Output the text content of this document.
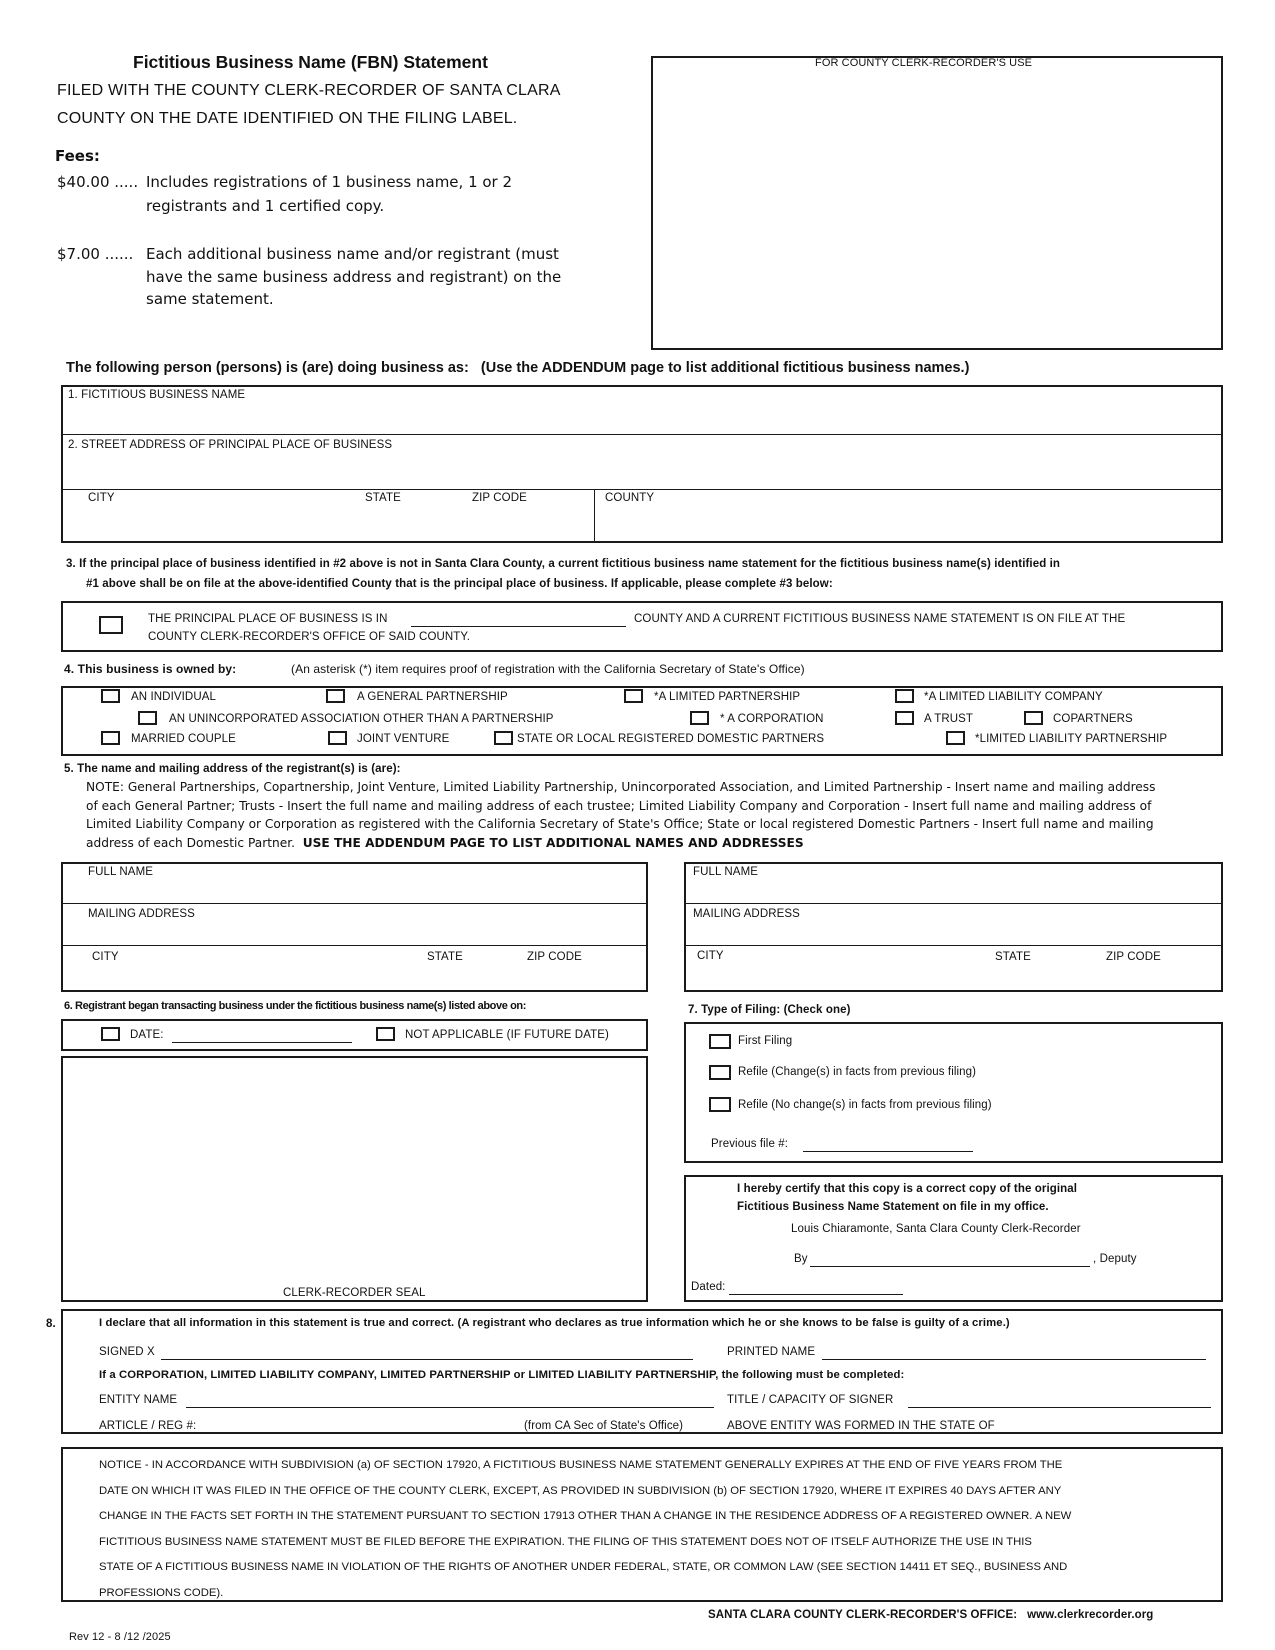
Fictitious Business Name (FBN) Statement
FILED WITH THE COUNTY CLERK-RECORDER OF SANTA CLARA
COUNTY ON THE DATE IDENTIFIED ON THE FILING LABEL.
Fees:
$40.00 ..... Includes registrations of 1 business name, 1 or 2
registrants and 1 certified copy.
$7.00 ...... Each additional business name and/or registrant (must
have the same business address and registrant) on the
same statement.
FOR COUNTY CLERK-RECORDER'S USE
The following person (persons) is (are) doing business as: (Use the ADDENDUM page to list additional fictitious business names.)
1. FICTITIOUS BUSINESS NAME
2. STREET ADDRESS OF PRINCIPAL PLACE OF BUSINESS
CITY	STATE	ZIP CODE	COUNTY
3. If the principal place of business identified in #2 above is not in Santa Clara County, a current fictitious business name statement for the fictitious business name(s) identified in
#1 above shall be on file at the above-identified County that is the principal place of business. If applicable, please complete #3 below:
THE PRINCIPAL PLACE OF BUSINESS IS IN	COUNTY AND A CURRENT FICTITIOUS BUSINESS NAME STATEMENT IS ON FILE AT THE
COUNTY CLERK-RECORDER'S OFFICE OF SAID COUNTY.
4. This business is owned by:	(An asterisk (*) item requires proof of registration with the California Secretary of State's Office)
AN INDIVIDUAL	A GENERAL PARTNERSHIP	*A LIMITED PARTNERSHIP	*A LIMITED LIABILITY COMPANY
AN UNINCORPORATED ASSOCIATION OTHER THAN A PARTNERSHIP	* A CORPORATION	A TRUST	COPARTNERS
MARRIED COUPLE	JOINT VENTURE	STATE OR LOCAL REGISTERED DOMESTIC PARTNERS	*LIMITED LIABILITY PARTNERSHIP
5. The name and mailing address of the registrant(s) is (are):
NOTE: General Partnerships, Copartnership, Joint Venture, Limited Liability Partnership, Unincorporated Association, and Limited Partnership - Insert name and mailing address
of each General Partner; Trusts - Insert the full name and mailing address of each trustee; Limited Liability Company and Corporation - Insert full name and mailing address of
Limited Liability Company or Corporation as registered with the California Secretary of State's Office; State or local registered Domestic Partners - Insert full name and mailing
address of each Domestic Partner. USE THE ADDENDUM PAGE TO LIST ADDITIONAL NAMES AND ADDRESSES
FULL NAME
MAILING ADDRESS
CITY	STATE	ZIP CODE
FULL NAME
MAILING ADDRESS
CITY	STATE	ZIP CODE
6. Registrant began transacting business under the fictitious business name(s) listed above on:
DATE:	NOT APPLICABLE (IF FUTURE DATE)
CLERK-RECORDER SEAL
7. Type of Filing: (Check one)
First Filing
Refile (Change(s) in facts from previous filing)
Refile (No change(s) in facts from previous filing)
Previous file #:
I hereby certify that this copy is a correct copy of the original
Fictitious Business Name Statement on file in my office.
Louis Chiaramonte, Santa Clara County Clerk-Recorder
By	, Deputy
Dated:
8.	I declare that all information in this statement is true and correct. (A registrant who declares as true information which he or she knows to be false is guilty of a crime.)
SIGNED X	PRINTED NAME
If a CORPORATION, LIMITED LIABILITY COMPANY, LIMITED PARTNERSHIP or LIMITED LIABILITY PARTNERSHIP, the following must be completed:
ENTITY NAME	TITLE / CAPACITY OF SIGNER
ARTICLE / REG #:	(from CA Sec of State's Office)	ABOVE ENTITY WAS FORMED IN THE STATE OF
NOTICE - IN ACCORDANCE WITH SUBDIVISION (a) OF SECTION 17920, A FICTITIOUS BUSINESS NAME STATEMENT GENERALLY EXPIRES AT THE END OF FIVE YEARS FROM THE
DATE ON WHICH IT WAS FILED IN THE OFFICE OF THE COUNTY CLERK, EXCEPT, AS PROVIDED IN SUBDIVISION (b) OF SECTION 17920, WHERE IT EXPIRES 40 DAYS AFTER ANY
CHANGE IN THE FACTS SET FORTH IN THE STATEMENT PURSUANT TO SECTION 17913 OTHER THAN A CHANGE IN THE RESIDENCE ADDRESS OF A REGISTERED OWNER. A NEW
FICTITIOUS BUSINESS NAME STATEMENT MUST BE FILED BEFORE THE EXPIRATION. THE FILING OF THIS STATEMENT DOES NOT OF ITSELF AUTHORIZE THE USE IN THIS
STATE OF A FICTITIOUS BUSINESS NAME IN VIOLATION OF THE RIGHTS OF ANOTHER UNDER FEDERAL, STATE, OR COMMON LAW (SEE SECTION 14411 ET SEQ., BUSINESS AND
PROFESSIONS CODE).
Rev 12 - 8 /12 /2025
SANTA CLARA COUNTY CLERK-RECORDER'S OFFICE: www.clerkrecorder.org
